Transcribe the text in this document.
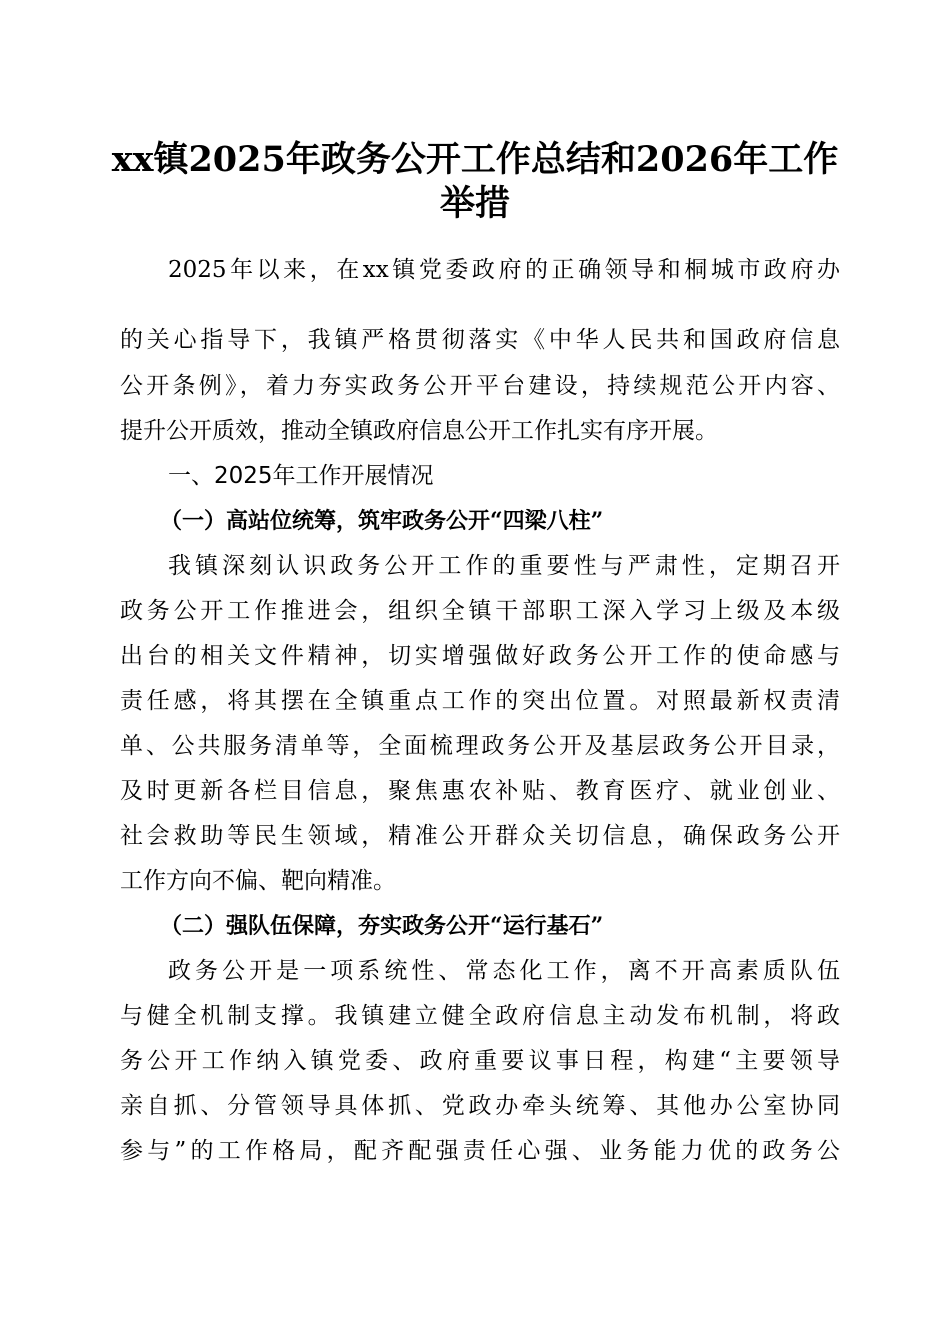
xx镇2025年政务公开工作总结和2026年工作
举措

2025年以来，在xx镇党委政府的正确领导和桐城市政府办

的关心指导下，我镇严格贯彻落实《中华人民共和国政府信息

公开条例》，着力夯实政务公开平台建设，持续规范公开内容、

提升公开质效，推动全镇政府信息公开工作扎实有序开展。

一、2025年工作开展情况

（一）高站位统筹，筑牢政务公开“四梁八柱”

我镇深刻认识政务公开工作的重要性与严肃性，定期召开

政务公开工作推进会，组织全镇干部职工深入学习上级及本级

出台的相关文件精神，切实增强做好政务公开工作的使命感与

责任感，将其摆在全镇重点工作的突出位置。对照最新权责清

单、公共服务清单等，全面梳理政务公开及基层政务公开目录，

及时更新各栏目信息，聚焦惠农补贴、教育医疗、就业创业、

社会救助等民生领域，精准公开群众关切信息，确保政务公开

工作方向不偏、靶向精准。

（二）强队伍保障，夯实政务公开“运行基石”

政务公开是一项系统性、常态化工作，离不开高素质队伍

与健全机制支撑。我镇建立健全政府信息主动发布机制，将政

务公开工作纳入镇党委、政府重要议事日程，构建“主要领导

亲自抓、分管领导具体抓、党政办牵头统筹、其他办公室协同

参与”的工作格局，配齐配强责任心强、业务能力优的政务公
